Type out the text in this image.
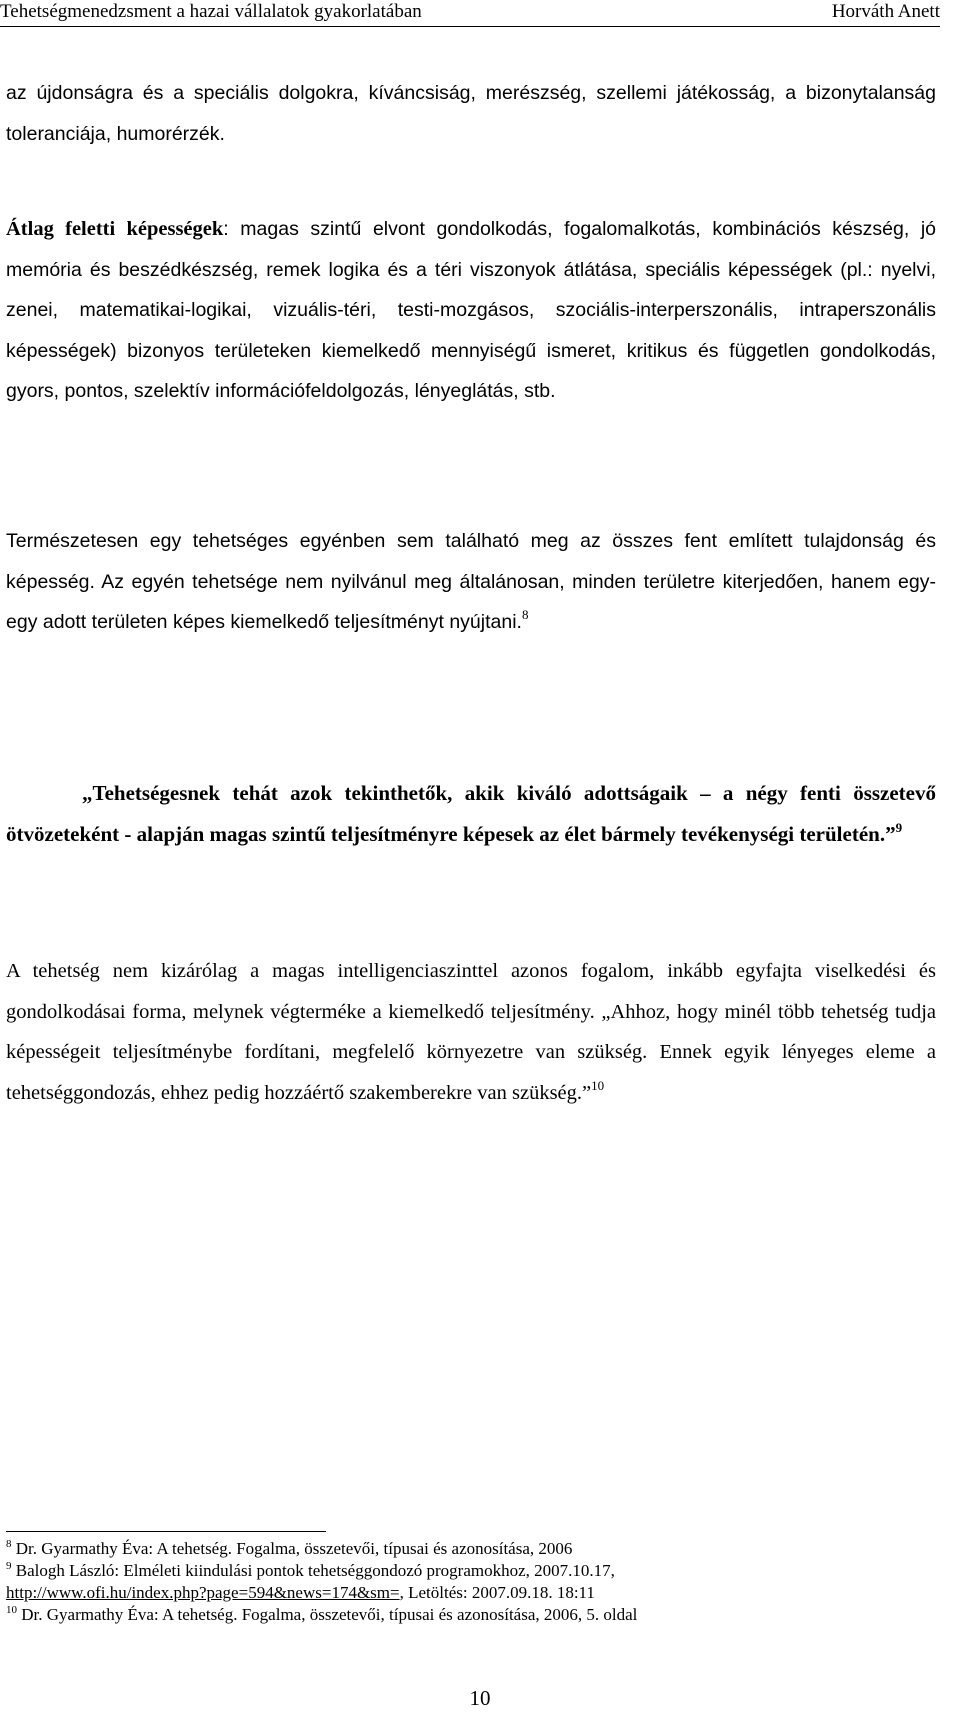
Tehetségmenedzsment a hazai vállalatok gyakorlatában	Horváth Anett

az újdonságra és a speciális dolgokra, kíváncsiság, merészség, szellemi játékosság, a bizonytalanság toleranciája, humorérzék.

Átlag feletti képességek: magas szintű elvont gondolkodás, fogalomalkotás, kombinációs készség, jó memória és beszédkészség, remek logika és a téri viszonyok átlátása, speciális képességek (pl.: nyelvi, zenei, matematikai-logikai, vizuális-téri, testi-mozgásos, szociális-interperszonális, intraperszonális képességek) bizonyos területeken kiemelkedő mennyiségű ismeret, kritikus és független gondolkodás, gyors, pontos, szelektív információfeldolgozás, lényeglátás, stb.

Természetesen egy tehetséges egyénben sem található meg az összes fent említett tulajdonság és képesség. Az egyén tehetsége nem nyilvánul meg általánosan, minden területre kiterjedően, hanem egy-egy adott területen képes kiemelkedő teljesítményt nyújtani.$^8$

„Tehetségesnek tehát azok tekinthetők, akik kiváló adottságaik – a négy fenti összetevő ötvözeteként - alapján magas szintű teljesítményre képesek az élet bármely tevékenységi területén.”$^9$

A tehetség nem kizárólag a magas intelligenciaszinttel azonos fogalom, inkább egyfajta viselkedési és gondolkodásai forma, melynek végterméke a kiemelkedő teljesítmény. „Ahhoz, hogy minél több tehetség tudja képességeit teljesítménybe fordítani, megfelelő környezetre van szükség. Ennek egyik lényeges eleme a tehetséggondozás, ehhez pedig hozzáértő szakemberekre van szükség.”$^{10}$

$^8$ Dr. Gyarmathy Éva: A tehetség. Fogalma, összetevői, típusai és azonosítása, 2006
$^9$ Balogh László: Elméleti kiindulási pontok tehetséggondozó programokhoz, 2007.10.17,
http://www.ofi.hu/index.php?page=594&news=174&sm=, Letöltés: 2007.09.18. 18:11
$^{10}$ Dr. Gyarmathy Éva: A tehetség. Fogalma, összetevői, típusai és azonosítása, 2006, 5. oldal
10
